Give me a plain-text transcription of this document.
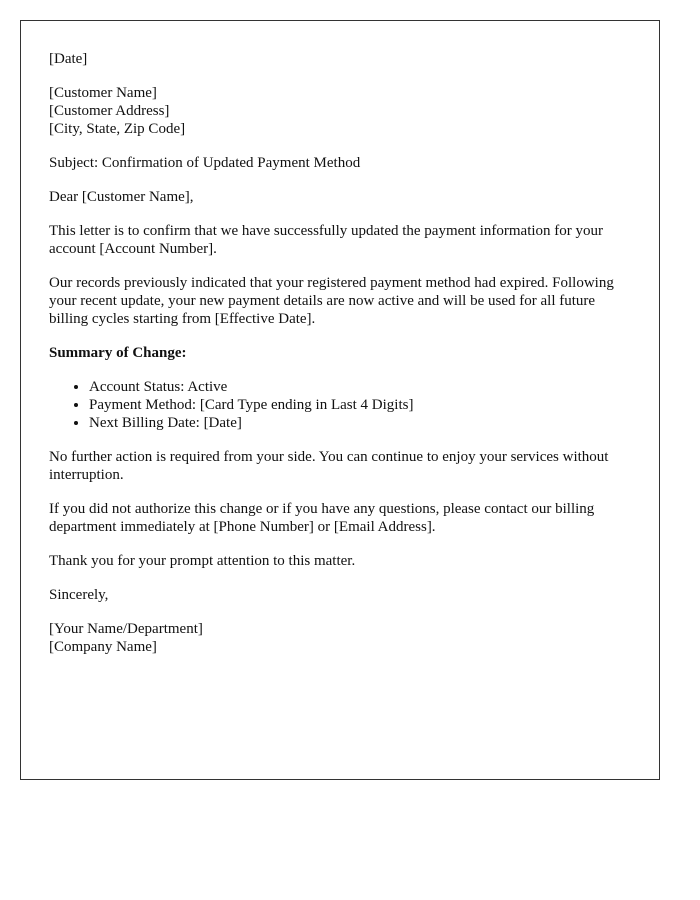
[Date]

[Customer Name]
[Customer Address]
[City, State, Zip Code]

Subject: Confirmation of Updated Payment Method

Dear [Customer Name],

This letter is to confirm that we have successfully updated the payment information for your account [Account Number].

Our records previously indicated that your registered payment method had expired. Following your recent update, your new payment details are now active and will be used for all future billing cycles starting from [Effective Date].

Summary of Change:

• Account Status: Active
• Payment Method: [Card Type ending in Last 4 Digits]
• Next Billing Date: [Date]

No further action is required from your side. You can continue to enjoy your services without interruption.

If you did not authorize this change or if you have any questions, please contact our billing department immediately at [Phone Number] or [Email Address].

Thank you for your prompt attention to this matter.

Sincerely,

[Your Name/Department]
[Company Name]
